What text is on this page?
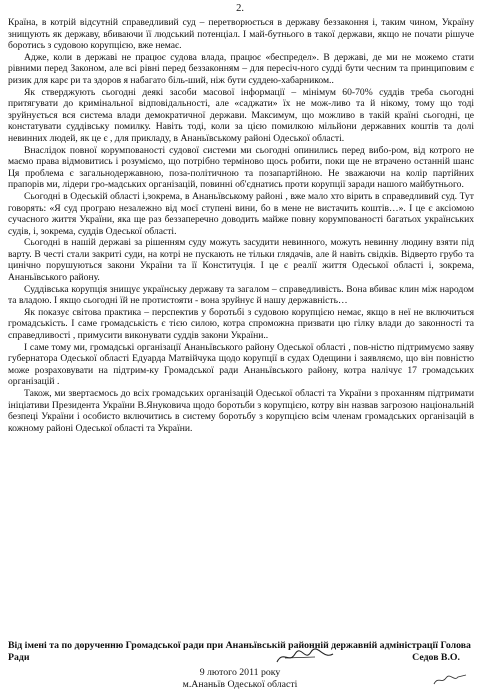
2.

Країна, в котрій відсутній справедливий суд – перетворюється в державу беззаконня і, таким чином, Україну знищують як державу, вбиваючи її людський потенціал. І май-бутнього в такої держави, якщо не почати рішуче боротись з судовою корупцією, вже немає.

Адже, коли в державі не працює судова влада, працює «беспредел». В державі, де ми не можемо стати рівними перед Законом, але всі рівні перед беззаконням – для пересіч-ного судді бути чесним та принциповим є ризик для карє ри та здоров я набагато біль-ший, ніж бути суддею-хабарником..

Як стверджують сьогодні деякі засоби масової інформації – мінімум 60-70% суддів треба сьогодні притягувати до кримінальної відповідальності, але «саджати» їх не мож-ливо та й нікому, тому що тоді зруйнується вся система влади демократичної держави. Максимум, що можливо в такій країні сьогодні, це констатувати суддівську помилку. Навіть тоді, коли за цією помилкою мільйони державних коштів та долі невинних людей, як це є , для прикладу, в Ананьївському районі Одеської області.

Внаслідок повної корумпованості судової системи ми сьогодні опинились перед вибо-ром, від котрого не маємо права відмовитись і розуміємо, що потрібно терміново щось робити, поки ще не втрачено останній шанс Ця проблема є загальнодержавною, поза-політичною та позапартійною. Не зважаючи на колір партійних прапорів ми, лідери гро-мадських організацій, повинні об'єднатись проти корупції заради нашого майбутнього.

Сьогодні в Одеській області і,зокрема, в Ананьївському районі , вже мало хто вірить в справедливий суд. Тут говорять: «Я суд програю незалежно від моєї ступені вини, бо в мене не вистачить коштів…». І це є аксіомою сучасного життя України, яка ще раз беззаперечно доводить майже повну корумпованості багатьох українських судів, і, зокрема, суддів Одеської області.

Сьогодні в нашій державі за рішенням суду можуть засудити невинного, можуть невинну людину взяти під варту. В честі стали закриті суди, на котрі не пускають не тільки глядачів, але й навіть свідків. Відверто грубо та цинічно порушуються закони України та її Конституція. І це є реалії життя Одеської області і, зокрема, Ананьївського району.

Суддівська корупція знищує українську державу та загалом – справедливість. Вона вбиває клин між народом та владою. І якщо сьогодні їй не протистояти - вона зруйнує й нашу державність…

Як показує світова практика – перспектив у боротьбі з судовою корупцією немає, якщо в неї не включиться громадськість. І саме громадськість є тією силою, котра спроможна призвати цю гілку влади до законності та справедливості , примусити виконувати суддів закони України..

І саме тому ми, громадські організації Ананьївського району Одеської області , пов-ністю підтримуємо заяву губернатора Одеської області Едуарда Матвійчука щодо корупції в судах Одещини і заявляємо, що він повністю може розраховувати на підтрим-ку Громадської ради Ананьївського району, котра налічує 17 громадських організацій .

Також, ми звертаємось до всіх громадських організацій Одеської області та України з проханням підтримати ініціативи Президента України В.Януковича щодо боротьби з корупцією, котру він назвав загрозою національній безпеці України і особисто включитись в систему боротьбу з корупцією всім членам громадських організацій в кожному районі Одеської області та України.

Від імені та по дорученню Громадської ради при Ананьївській районній державній адміністрації Голова Ради	Седов В.О.
9 лютого 2011 року
м.Ананьїв Одеської області
